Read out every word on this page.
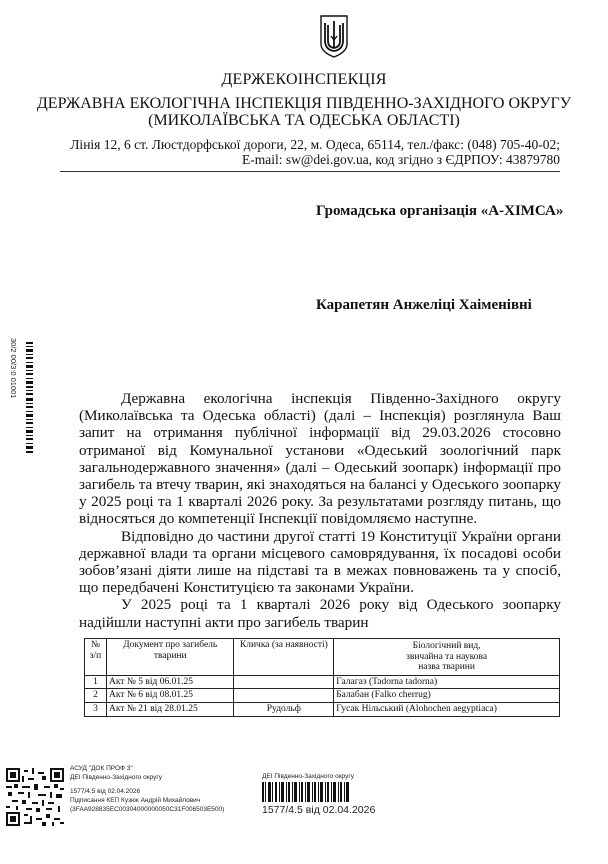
ДЕРЖЕКОІНСПЕКЦІЯ
ДЕРЖАВНА ЕКОЛОГІЧНА ІНСПЕКЦІЯ ПІВДЕННО-ЗАХІДНОГО ОКРУГУ
(МИКОЛАЇВСЬКА ТА ОДЕСЬКА ОБЛАСТІ)
Лінія 12, 6 ст. Люстдорфської дороги, 22, м. Одеса, 65114, тел./факс: (048) 705-40-02;
E-mail: sw@dei.gov.ua, код згідно з ЄДРПОУ: 43879780
Громадська організація «А-ХІМСА»
Карапетян Анжеліці Хаіменівні
30/2 00/3:0 01001

Державна екологічна інспекція Південно-Західного округу (Миколаївська та Одеська області) (далі – Інспекція) розглянула Ваш запит на отримання публічної інформації від 29.03.2026 стосовно отриманої від Комунальної установи «Одеський зоологічний парк загальнодержавного значення» (далі – Одеський зоопарк) інформації про загибель та втечу тварин, які знаходяться на балансі у Одеського зоопарку у 2025 році та 1 кварталі 2026 року. За результатами розгляду питань, що відносяться до компетенції Інспекції повідомляємо наступне.

Відповідно до частини другої статті 19 Конституції України органи державної влади та органи місцевого самоврядування, їх посадові особи зобов’язані діяти лише на підставі та в межах повноважень та у спосіб, що передбачені Конституцією та законами України.

У 2025 році та 1 кварталі 2026 року від Одеського зоопарку надійшли наступні акти про загибель тварин

№ з/п	Документ про загибель тварини	Кличка (за наявності)	Біологічний вид, звичайна та наукова назва тварини
1	Акт № 5 від 06.01.25		Галагаз (Tadorna tadorna)
2	Акт № 6 від 08.01.25		Балабан (Falko cherrug)
3	Акт № 21 від 28.01.25	Рудольф	Гусак Нільський (Alohochen aegyptiaca)
АСУД "ДОК ПРОФ 3"
ДЕІ Південно-Західного округу
1577/4.5 від 02.04.2026
Підписання КЕП Кузюк Андрій Михайлович
(3FAA928835EC00304000000050C31F006503E500)
ДЕІ Південно-Західного округу
1577/4.5 від 02.04.2026
